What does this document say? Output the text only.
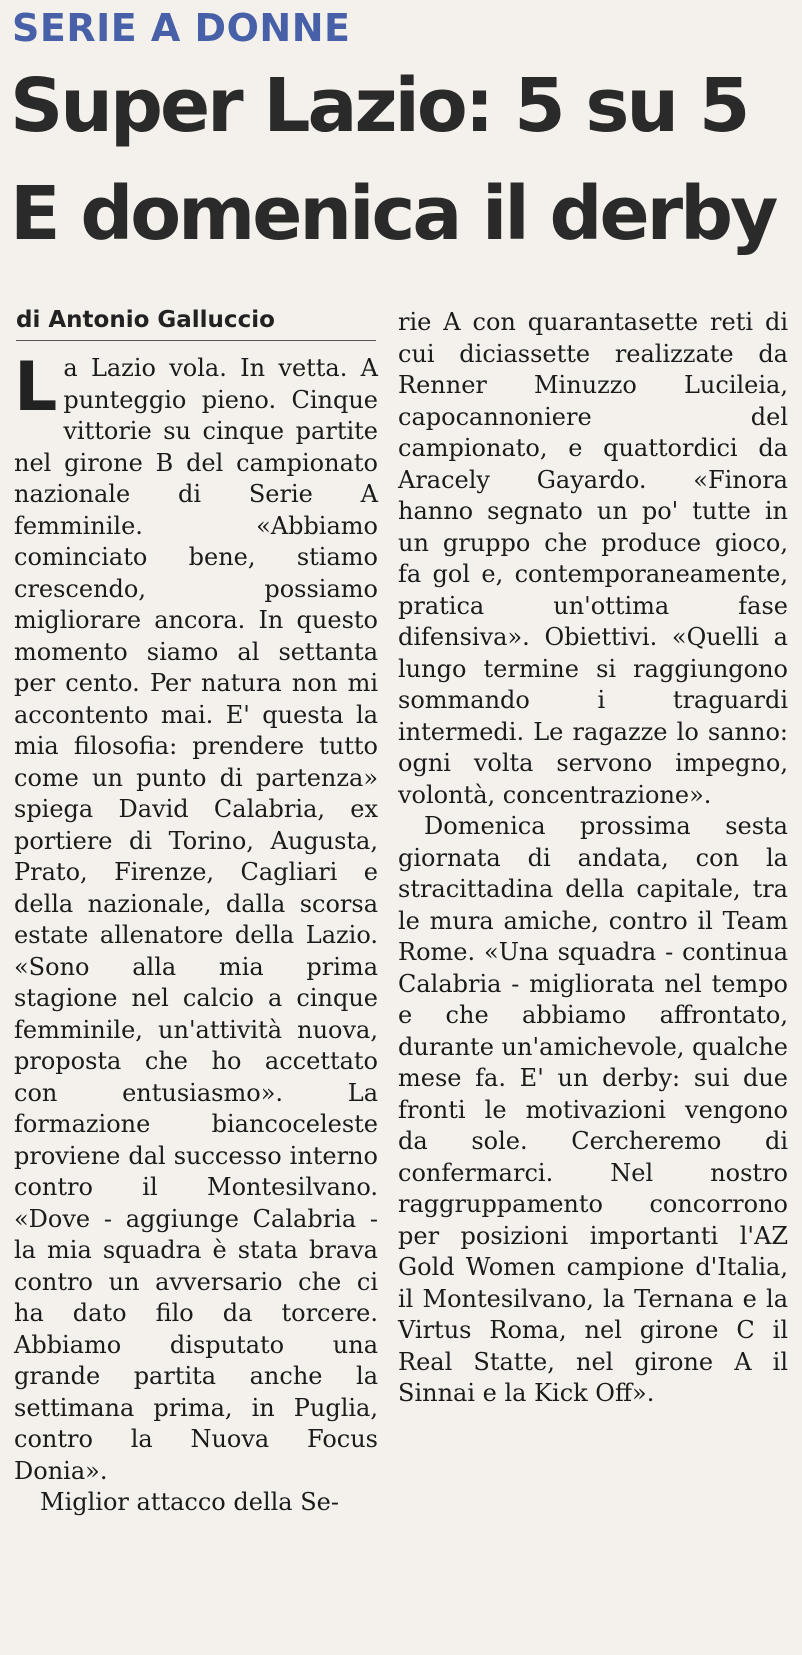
SERIE A DONNE
Super Lazio: 5 su 5
E domenica il derby
di Antonio Galluccio

La Lazio vola. In vetta. A punteggio pieno. Cinque vittorie su cinque partite nel girone B del campionato nazionale di Serie A femminile. «Abbiamo cominciato bene, stiamo crescendo, possiamo migliorare ancora. In questo momento siamo al settanta per cento. Per natura non mi accontento mai. E' questa la mia filosofia: prendere tutto come un punto di partenza» spiega David Calabria, ex portiere di Torino, Augusta, Prato, Firenze, Cagliari e della nazionale, dalla scorsa estate allenatore della Lazio. «Sono alla mia prima stagione nel calcio a cinque femminile, un'attività nuova, proposta che ho accettato con entusiasmo». La formazione biancoceleste proviene dal successo interno contro il Montesilvano. «Dove - aggiunge Calabria - la mia squadra è stata brava contro un avversario che ci ha dato filo da torcere. Abbiamo disputato una grande partita anche la settimana prima, in Puglia, contro la Nuova Focus Donia».

Miglior attacco della Se-

rie A con quarantasette reti di cui diciassette realizzate da Renner Minuzzo Lucileia, capocannoniere del campionato, e quattordici da Aracely Gayardo. «Finora hanno segnato un po' tutte in un gruppo che produce gioco, fa gol e, contemporaneamente, pratica un'ottima fase difensiva». Obiettivi. «Quelli a lungo termine si raggiungono sommando i traguardi intermedi. Le ragazze lo sanno: ogni volta servono impegno, volontà, concentrazione».

Domenica prossima sesta giornata di andata, con la stracittadina della capitale, tra le mura amiche, contro il Team Rome. «Una squadra - continua Calabria - migliorata nel tempo e che abbiamo affrontato, durante un'amichevole, qualche mese fa. E' un derby: sui due fronti le motivazioni vengono da sole. Cercheremo di confermarci. Nel nostro raggruppamento concorrono per posizioni importanti l'AZ Gold Women campione d'Italia, il Montesilvano, la Ternana e la Virtus Roma, nel girone C il Real Statte, nel girone A il Sinnai e la Kick Off».
